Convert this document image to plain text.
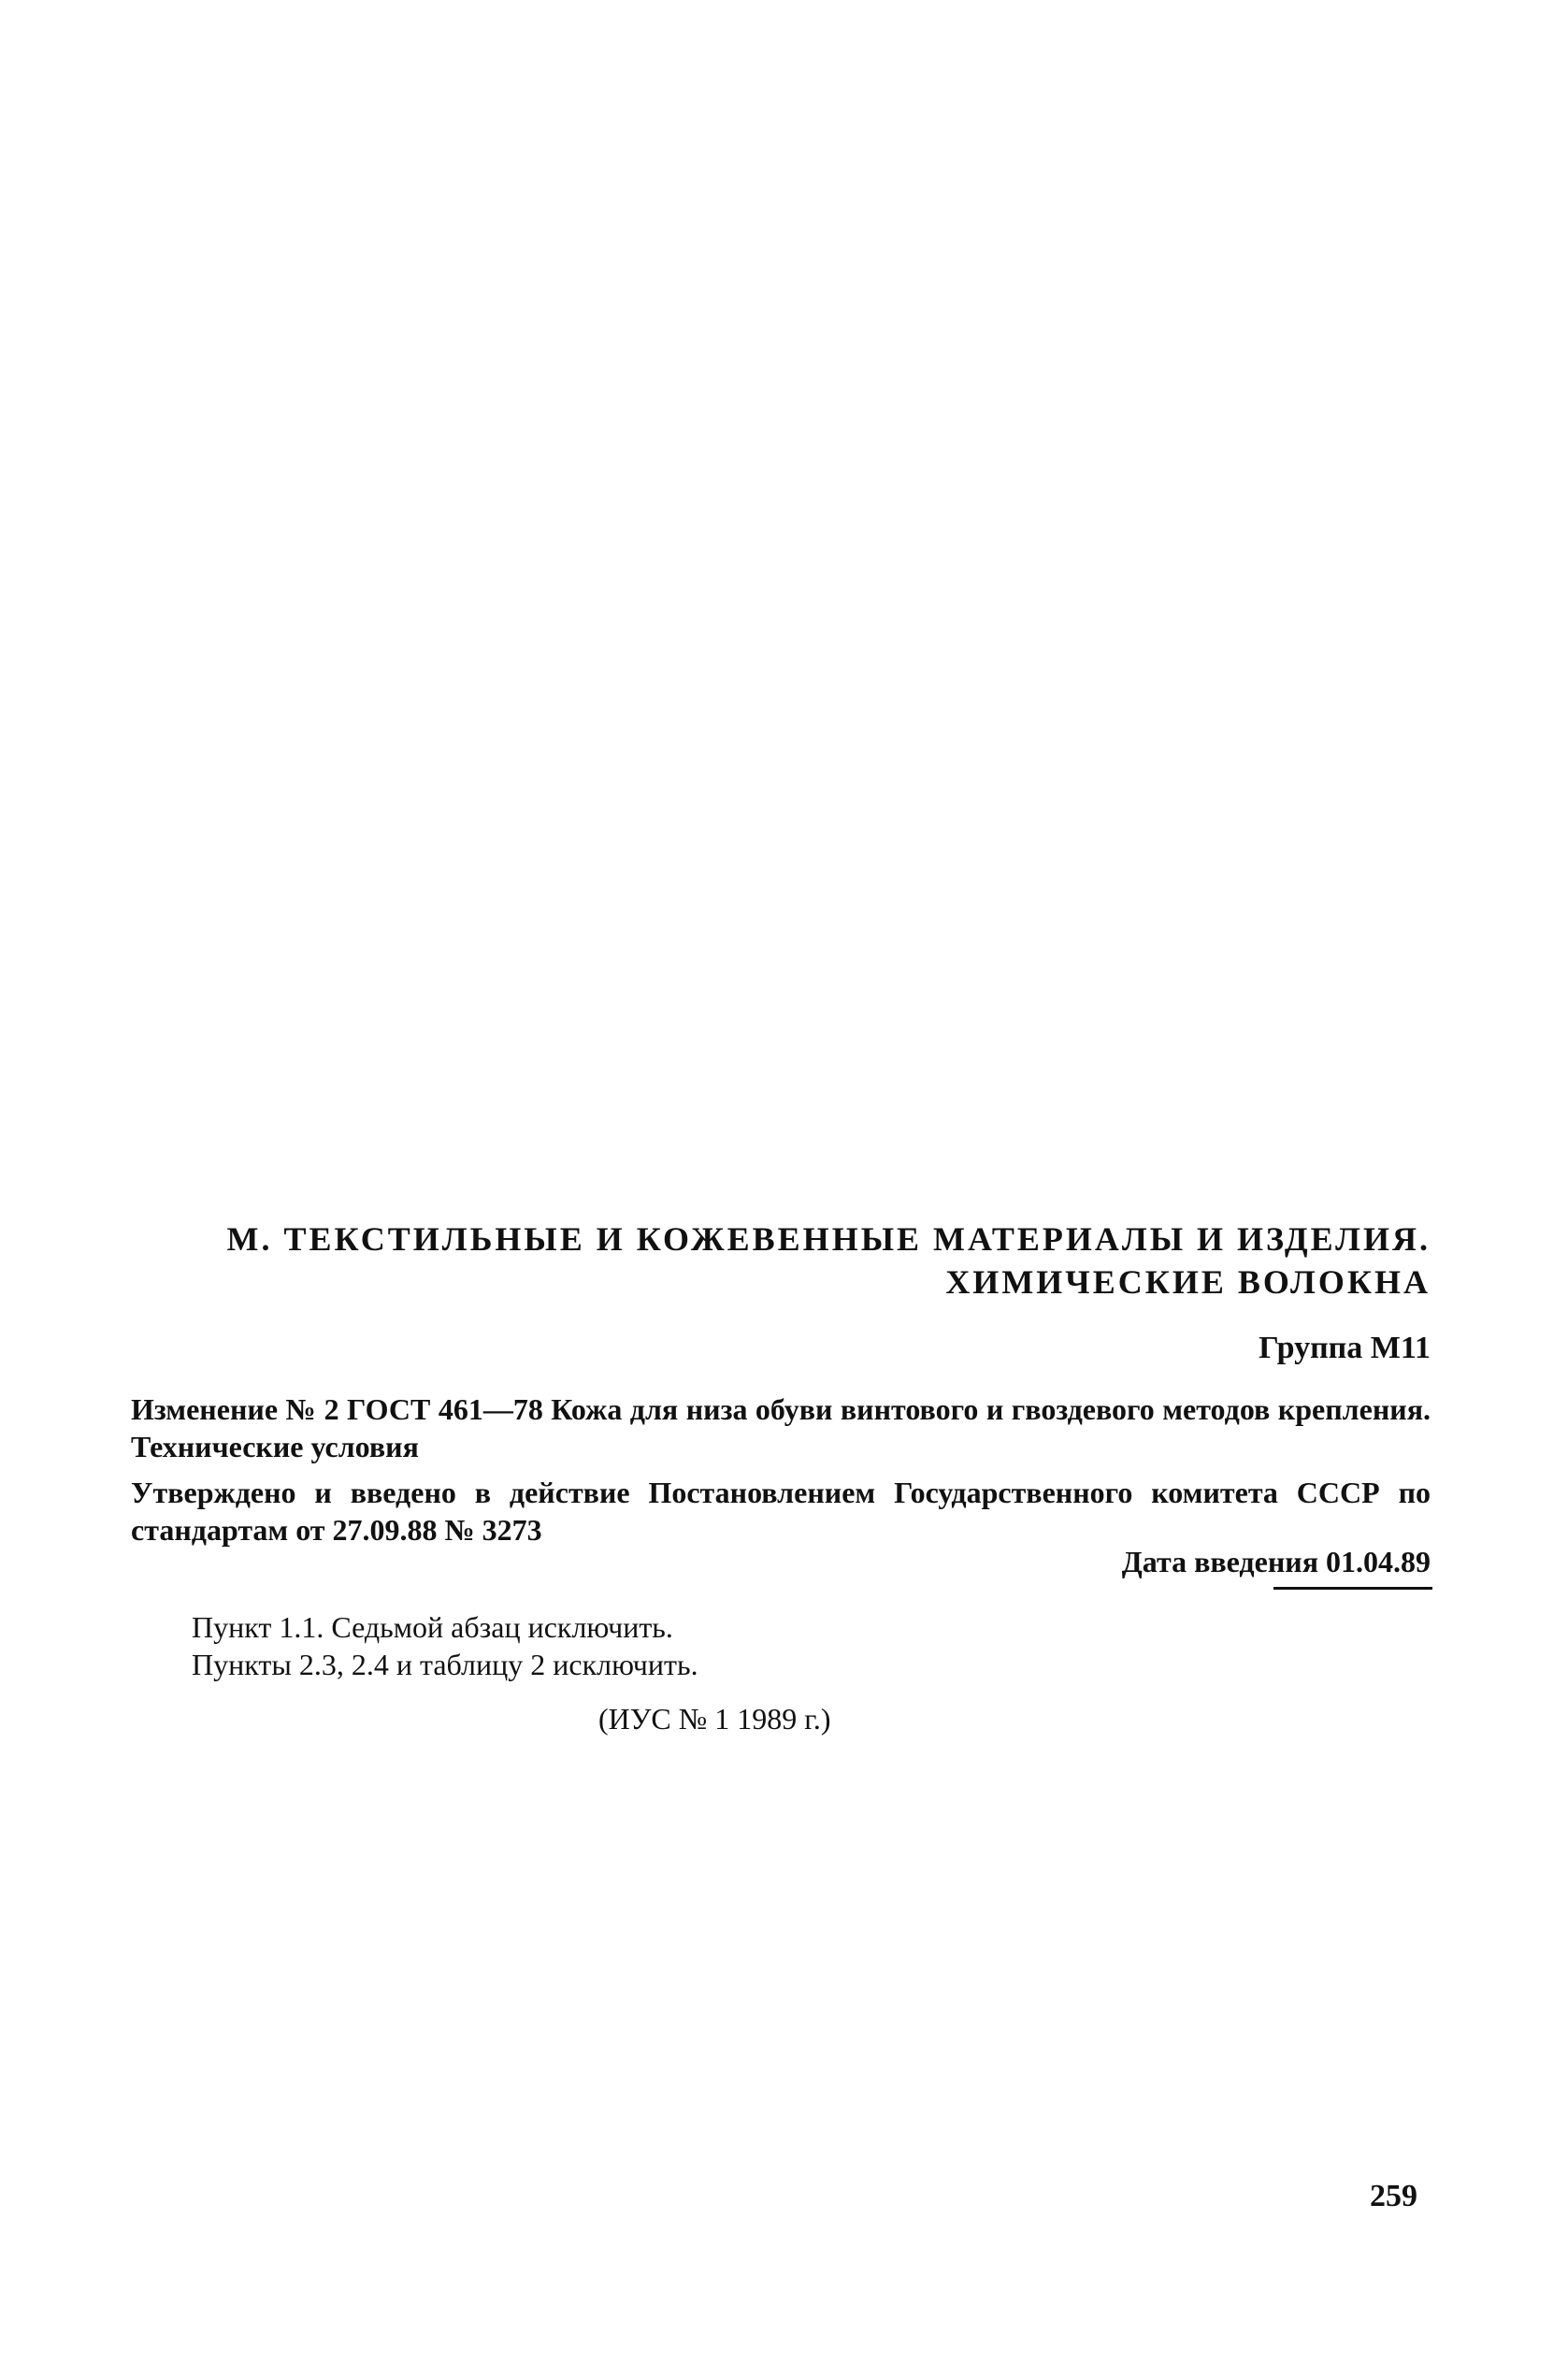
М. ТЕКСТИЛЬНЫЕ И КОЖЕВЕННЫЕ МАТЕРИАЛЫ И ИЗДЕЛИЯ.
ХИМИЧЕСКИЕ ВОЛОКНА
Группа М11
Изменение № 2 ГОСТ 461—78 Кожа для низа обуви винтового и гвоздевого методов крепления. Технические условия
Утверждено и введено в действие Постановлением Государственного комитета СССР по стандартам от 27.09.88 № 3273
Дата введения 01.04.89
Пункт 1.1. Седьмой абзац исключить.
Пункты 2.3, 2.4 и таблицу 2 исключить.
(ИУС № 1 1989 г.)
259
